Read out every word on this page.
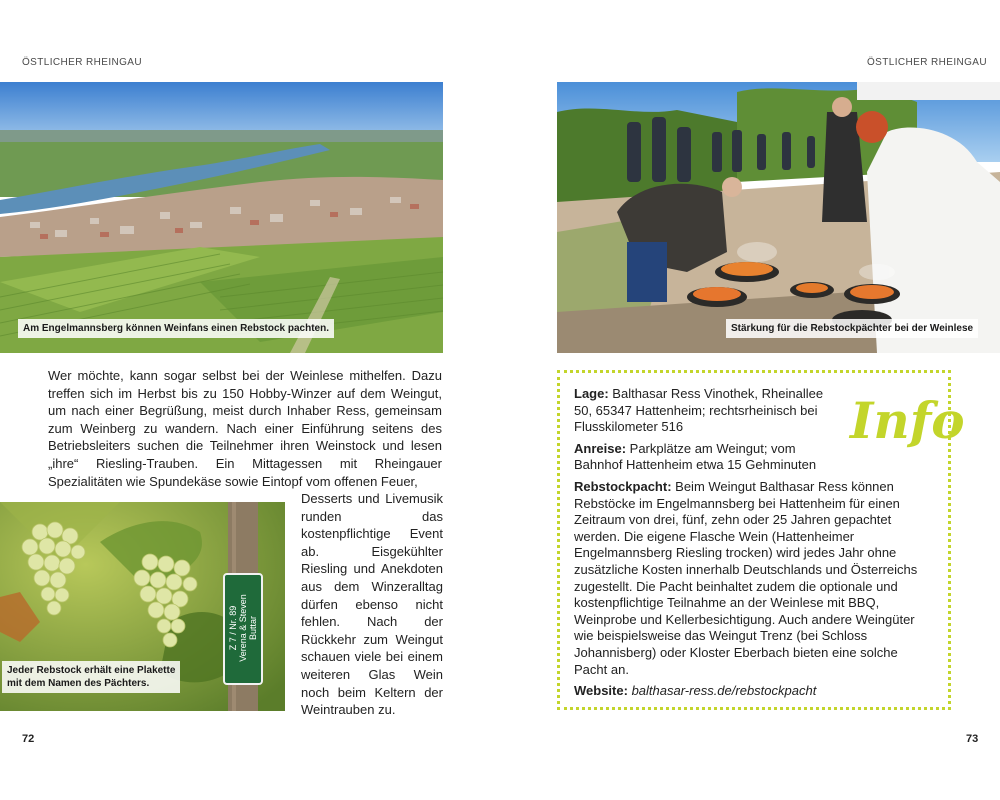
ÖSTLICHER RHEINGAU
Am Engelmannsberg können Weinfans einen Rebstock pachten.

Wer möchte, kann sogar selbst bei der Weinlese mithelfen. Dazu treffen sich im Herbst bis zu 150 Hobby-Winzer auf dem Weingut, um nach einer Begrüßung, meist durch Inhaber Ress, gemeinsam zum Weinberg zu wandern. Nach einer Einführung seitens des Betriebsleiters suchen die Teilnehmer ihren Weinstock und lesen „ihre“ Riesling-Trauben. Ein Mittagessen mit Rheingauer Spezialitäten wie Spundekäse sowie Eintopf vom offenen Feuer,

Z 7 / Nr. 89 Verena & Steven Buttar
Jeder Rebstock erhält eine Plakette
mit dem Namen des Pächters.

Desserts und Livemusik runden das kostenpflichtige Event ab. Eisgekühlter Riesling und Anekdoten aus dem Winzeralltag dürfen ebenso nicht fehlen. Nach der Rückkehr zum Weingut schauen viele bei einem weiteren Glas Wein noch beim Keltern der Weintrauben zu.

72
ÖSTLICHER RHEINGAU
Stärkung für die Rebstockpächter bei der Weinlese

Lage: Balthasar Ress Vinothek, Rheinallee 50, 65347 Hattenheim; rechtsrheinisch bei Flusskilometer 516

Anreise: Parkplätze am Weingut; vom Bahnhof Hattenheim etwa 15 Gehminuten

Rebstockpacht: Beim Weingut Balthasar Ress können Rebstöcke im Engelmannsberg bei Hattenheim für einen Zeitraum von drei, fünf, zehn oder 25 Jahren gepachtet werden. Die eigene Flasche Wein (Hattenheimer Engelmannsberg Riesling trocken) wird jedes Jahr ohne zusätzliche Kosten innerhalb Deutschlands und Österreichs zugestellt. Die Pacht beinhaltet zudem die optionale und kostenpflichtige Teilnahme an der Weinlese mit BBQ, Weinprobe und Kellerbesichtigung. Auch andere Weingüter wie beispielsweise das Weingut Trenz (bei Schloss Johannisberg) oder Kloster Eberbach bieten eine solche Pacht an.

Website: balthasar-ress.de/rebstockpacht

Info
73
